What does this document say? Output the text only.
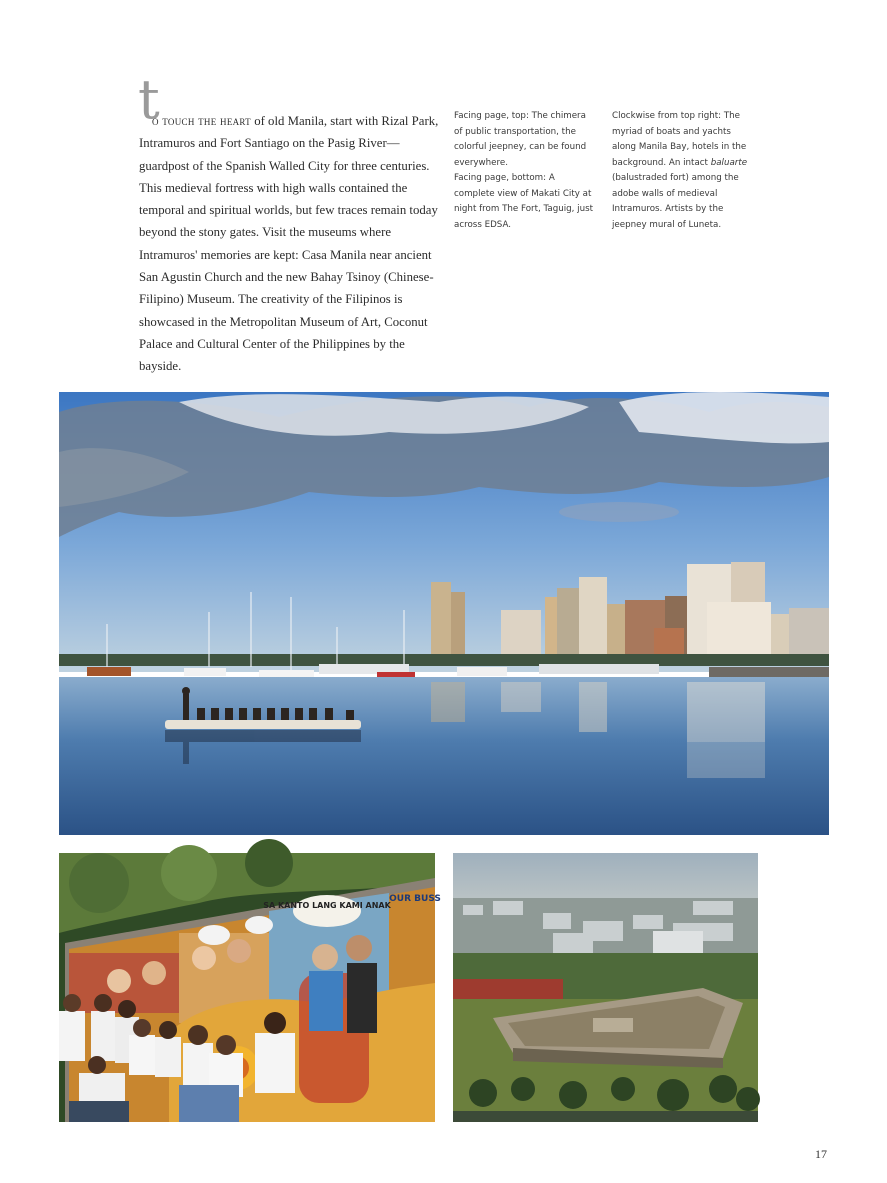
t
o touch the heart of old Manila, start with Rizal Park, Intramuros and Fort Santiago on the Pasig River—guardpost of the Spanish Walled City for three centuries. This medieval fortress with high walls contained the temporal and spiritual worlds, but few traces remain today beyond the stony gates. Visit the museums where Intramuros' memories are kept: Casa Manila near ancient San Agustin Church and the new Bahay Tsinoy (Chinese-Filipino) Museum. The creativity of the Filipinos is showcased in the Metropolitan Museum of Art, Coconut Palace and Cultural Center of the Philippines by the bayside.
Facing page, top: The chimera of public transportation, the colorful jeepney, can be found everywhere.
Facing page, bottom: A complete view of Makati City at night from The Fort, Taguig, just across EDSA.
Clockwise from top right: The myriad of boats and yachts along Manila Bay, hotels in the background. An intact baluarte (balustraded fort) among the adobe walls of medieval Intramuros. Artists by the jeepney mural of Luneta.
SA KANTO LANG KAMI ANAK
OUR BUSS
17
